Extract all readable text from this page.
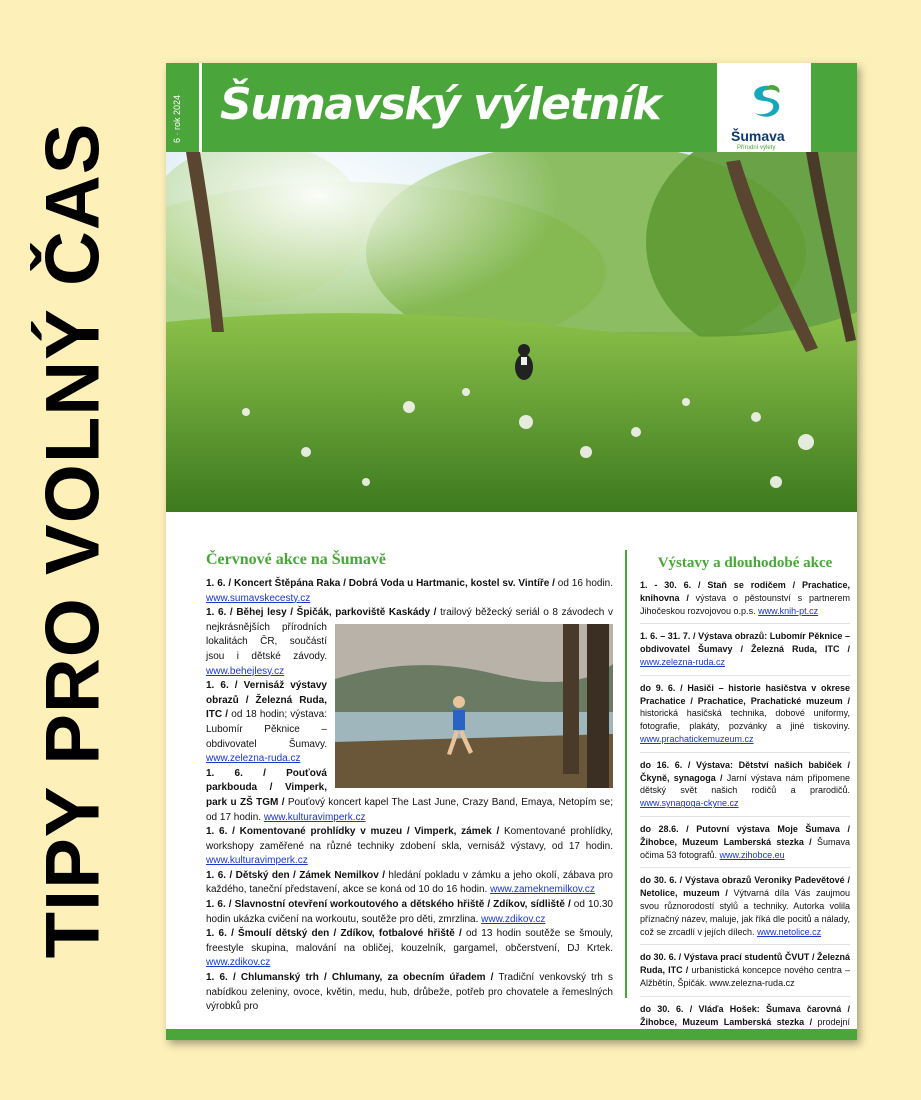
TIPY PRO VOLNÝ ČAS
6 · rok 2024 Šumavský výletník
Šumava
Přírodní výlety
Červnové akce na Šumavě
1. 6. / Koncert Štěpána Raka / Dobrá Voda u Hartmanic, kostel sv. Vintíře / od 16 hodin. www.sumavskecesty.cz
1. 6. / Běhej lesy / Špičák, parkoviště Kaskády /
trailový běžecký seriál o 8 závodech v nejkrásnějších přírodních lokalitách ČR, součástí jsou i dětské závody. www.behejlesy.cz
1. 6. / Vernisáž výstavy obrazů / Železná Ruda, ITC / od 18 hodin; výstava: Lubomír Pěknice – obdivovatel Šumavy. www.zelezna-ruda.cz
1. 6. / Pouťová parkbouda / Vimperk, park u ZŠ TGM / Pouťový koncert kapel The Last June, Crazy Band, Emaya, Netopím se; od 17 hodin. www.kulturavimperk.cz
1. 6. / Komentované prohlídky v muzeu / Vimperk, zámek / Komentované prohlídky, workshopy zaměřené na různé techniky zdobení skla, vernisáž výstavy, od 17 hodin. www.kulturavimperk.cz
1. 6. / Dětský den / Zámek Nemilkov / hledání pokladu v zámku a jeho okolí, zábava pro každého, taneční představení, akce se koná od 10 do 16 hodin. www.zameknemilkov.cz
1. 6. / Slavnostní otevření workoutového a dětského hřiště / Zdíkov, sídliště / od 10.30 hodin ukázka cvičení na workoutu, soutěže pro děti, zmrzlina. www.zdikov.cz
1. 6. / Šmoulí dětský den / Zdíkov, fotbalové hřiště / od 13 hodin soutěže se šmouly, freestyle skupina, malování na obličej, kouzelník, gargamel, občerstvení, DJ Krtek. www.zdikov.cz
1. 6. / Chlumanský trh / Chlumany, za obecním úřadem / Tradiční venkovský trh s nabídkou zeleniny, ovoce, květin, medu, hub, drůbeže, potřeb pro chovatele a řemeslných výrobků pro
Výstavy a dlouhodobé akce
1. - 30. 6. / Staň se rodičem / Prachatice, knihovna / výstava o pěstounství s partnerem Jihočeskou rozvojovou o.p.s. www.knih-pt.cz
1. 6. – 31. 7. / Výstava obrazů: Lubomír Pěknice – obdivovatel Šumavy / Železná Ruda, ITC / www.zelezna-ruda.cz
do 9. 6. / Hasiči – historie hasičstva v okrese Prachatice / Prachatice, Prachatické muzeum / historická hasičská technika, dobové uniformy, fotografie, plakáty, pozvánky a jiné tiskoviny. www.prachatickemuzeum.cz
do 16. 6. / Výstava: Dětství našich babiček / Čkyně, synagoga / Jarní výstava nám připomene dětský svět našich rodičů a prarodičů. www.synagoga-ckyne.cz
do 28.6. / Putovní výstava Moje Šumava / Žihobce, Muzeum Lamberská stezka / Šumava očima 53 fotografů. www.zihobce.eu
do 30. 6. / Výstava obrazů Veroniky Padevětové / Netolice, muzeum / Výtvarná díla Vás zaujmou svou různorodostí stylů a techniky. Autorka volila příznačný název, maluje, jak říká dle pocitů a nálady, což se zrcadlí v jejích dílech. www.netolice.cz
do 30. 6. / Výstava prací studentů ČVUT / Železná Ruda, ITC / urbanistická koncepce nového centra – Alžbětín, Špičák. www.zelezna-ruda.cz
do 30. 6. / Vláďa Hošek: Šumava čarovná / Žihobce, Muzeum Lamberská stezka / prodejní
